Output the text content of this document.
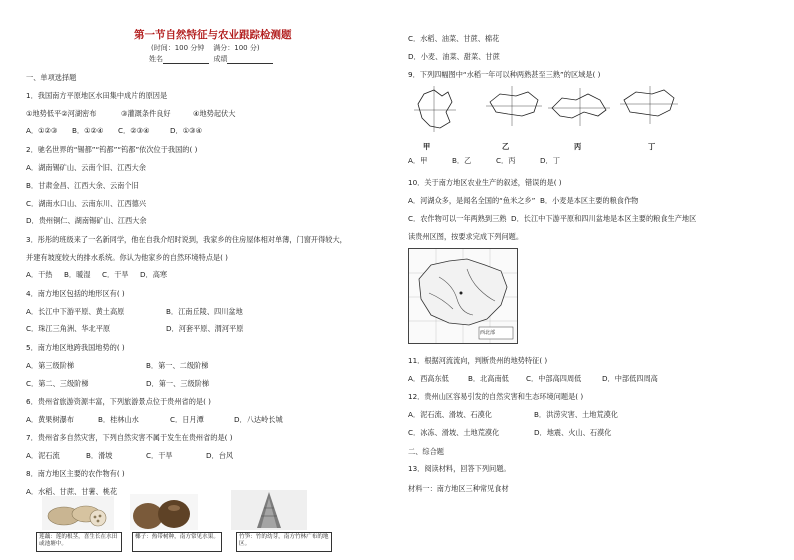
第一节自然特征与农业跟踪检测题
(时间：100 分钟 满分：100 分)
姓名	成绩
一、单项选择题
1．我国南方平原地区水田集中成片的原因是
①地势低平②河湖密布	③灌溉条件良好	④地势起伏大
A．①②③ B．①②④ C．②③④	D．①③④
2．驰名世界的“锡都”“钨都”“钨都”依次位于我国的( )
A．湖南锡矿山、云南个旧、江西大余
B．甘肃金昌、江西大余、云南个旧
C．湖南水口山、云南东川、江西德兴
D．贵州铜仁、湖南锡矿山、江西大余
3．彤彤的班级来了一名新同学，他在自我介绍时说到，我家乡的住房屋体相对单薄，门窗开得较大，
并建有坡度较大的排水系统。你认为他家乡的自然环境特点是( )
A．干热 B．暖湿 C．干旱 D．高寒
4．南方地区包括的地形区有( )
A．长江中下游平原、黄土高原	B．江南丘陵、四川盆地
C．珠江三角洲、华北平原	D．河套平原、渭河平原
5．南方地区地跨我国地势的( )
A．第三级阶梯	B．第一、二级阶梯
C．第二、三级阶梯	D．第一、三级阶梯
6．贵州省旅游资源丰富，下列旅游景点位于贵州省的是( )
A．黄果树瀑布	B．桂林山水	C．日月潭	D．八达岭长城
7．贵州省多自然灾害，下列自然灾害不属于发生在贵州省的是( )
A．泥石流	B．滑坡	C．干旱	D．台风
8．南方地区主要的农作物有( )
A．水稻、甘蔗、甘薯、桃花
莲藕：莲的根茎，喜生长在水田或池塘中。
椰子：热带树种，南方常见水果。	竹笋：竹的幼芽，南方竹林广布的地区。
C．水稻、油菜、甘蔗、棉花
D．小麦、油菜、甜菜、甘蔗
9．下列四幅图中“水稻一年可以种两熟甚至三熟”的区域是( )
甲	乙	丙	丁
A．甲	B．乙	C．丙	D．丁
10．关于南方地区农业生产的叙述，错误的是( )
A．河湖众多，是闻名全国的“鱼米之乡” B．小麦是本区主要的粮食作物
C．农作物可以一年两熟到三熟 D．长江中下游平原和四川盆地是本区主要的粮食生产地区
读贵州区图，按要求完成下列问题。
西北部
11．根据河流流向，判断贵州的地势特征( )
A．西高东低	B．北高南低 C．中部高四周低	D．中部低四周高
12．贵州山区容易引发的自然灾害和生态环境问题是( )
A．泥石流、滑坡、石漠化	B．洪涝灾害、土地荒漠化
C．冰冻、滑坡、土地荒漠化	D．地震、火山、石漠化
二、综合题
13．阅读材料，回答下列问题。
材料一：南方地区三种常见食材
